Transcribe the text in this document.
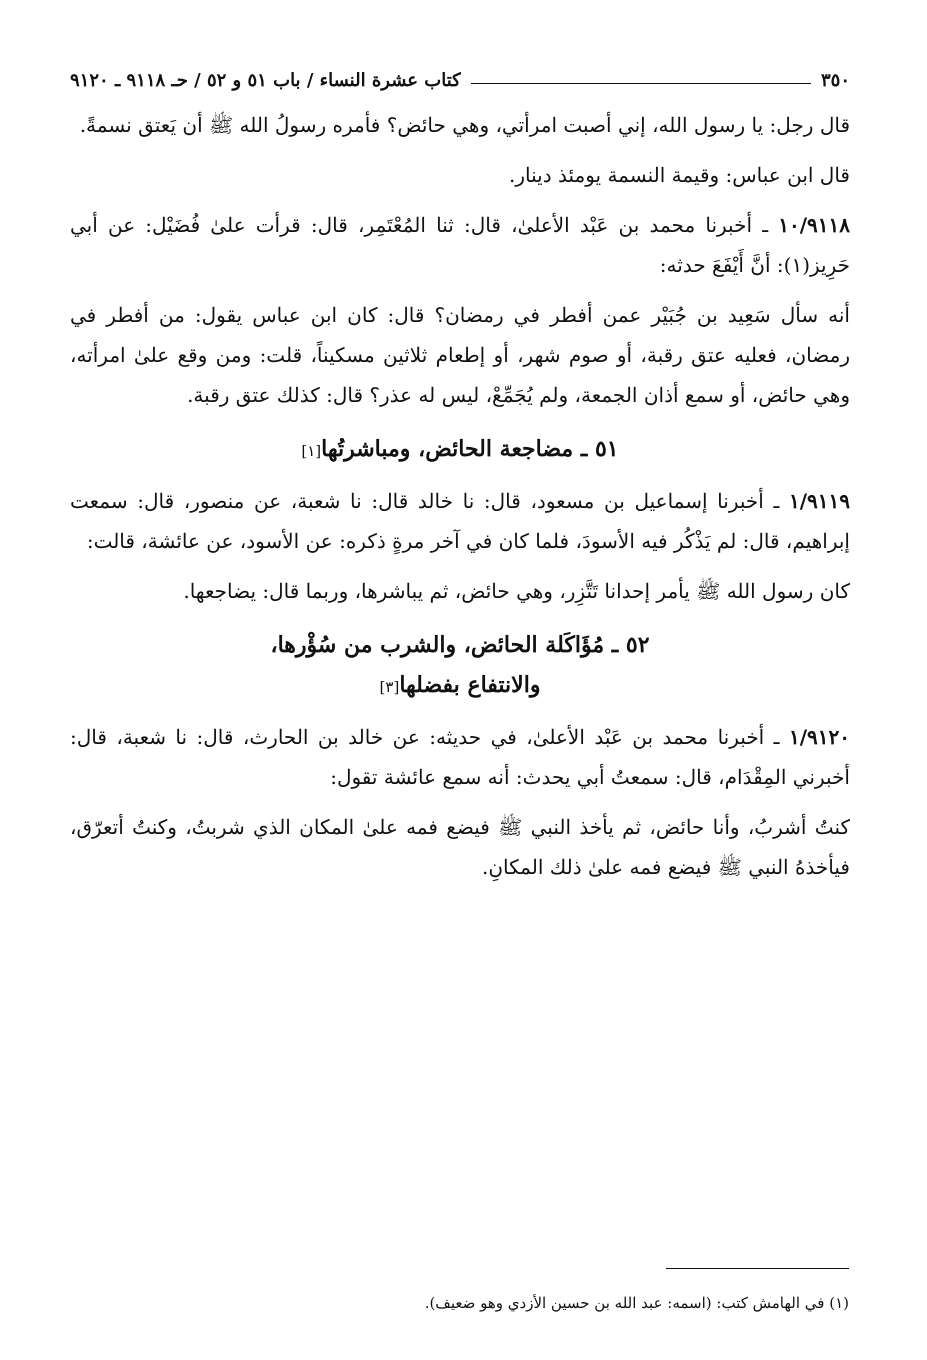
٣٥٠
كتاب عشرة النساء / باب ٥١ و ٥٢ / حـ ٩١١٨ ـ ٩١٢٠

قال رجل: يا رسول الله، إني أصبت امرأتي، وهي حائض؟ فأمره رسولُ الله ﷺ أن يَعتق نسمةً.

قال ابن عباس: وقيمة النسمة يومئذ دينار.

١٠/٩١١٨ ـ أخبرنا محمد بن عَبْد الأعلىٰ، قال: ثنا المُعْتَمِر، قال: قرأت علىٰ فُضَيْل: عن أبي حَرِيز(١): أنَّ أَيْفَعَ حدثه:

أنه سأل سَعِيد بن جُبَيْر عمن أفطر في رمضان؟ قال: كان ابن عباس يقول: من أفطر في رمضان، فعليه عتق رقبة، أو صوم شهر، أو إطعام ثلاثين مسكيناً، قلت: ومن وقع علىٰ امرأته، وهي حائض، أو سمع أذان الجمعة، ولم يُجَمِّعْ، ليس له عذر؟ قال: كذلك عتق رقبة.

٥١ ـ مضاجعة الحائض، ومباشرتُها[١]

١/٩١١٩ ـ أخبرنا إسماعيل بن مسعود، قال: نا خالد قال: نا شعبة، عن منصور، قال: سمعت إبراهيم، قال: لم يَذْكُر فيه الأسودَ، فلما كان في آخر مرةٍ ذكره: عن الأسود، عن عائشة، قالت:

كان رسول الله ﷺ يأمر إحدانا تَتَّزِر، وهي حائض، ثم يباشرها، وربما قال: يضاجعها.

٥٢ ـ مُؤَاكَلة الحائض، والشرب من سُؤْرها،
والانتفاع بفضلها[٣]

١/٩١٢٠ ـ أخبرنا محمد بن عَبْد الأعلىٰ، في حديثه: عن خالد بن الحارث، قال: نا شعبة، قال: أخبرني المِقْدَام، قال: سمعتُ أبي يحدث: أنه سمع عائشة تقول:

كنتُ أشربُ، وأنا حائض، ثم يأخذ النبي ﷺ فيضع فمه علىٰ المكان الذي شربتُ، وكنتُ أتعرّق، فيأخذهُ النبي ﷺ فيضع فمه علىٰ ذلك المكانِ.

(١) في الهامش كتب: (اسمه: عبد الله بن حسين الأزدي وهو ضعيف).
